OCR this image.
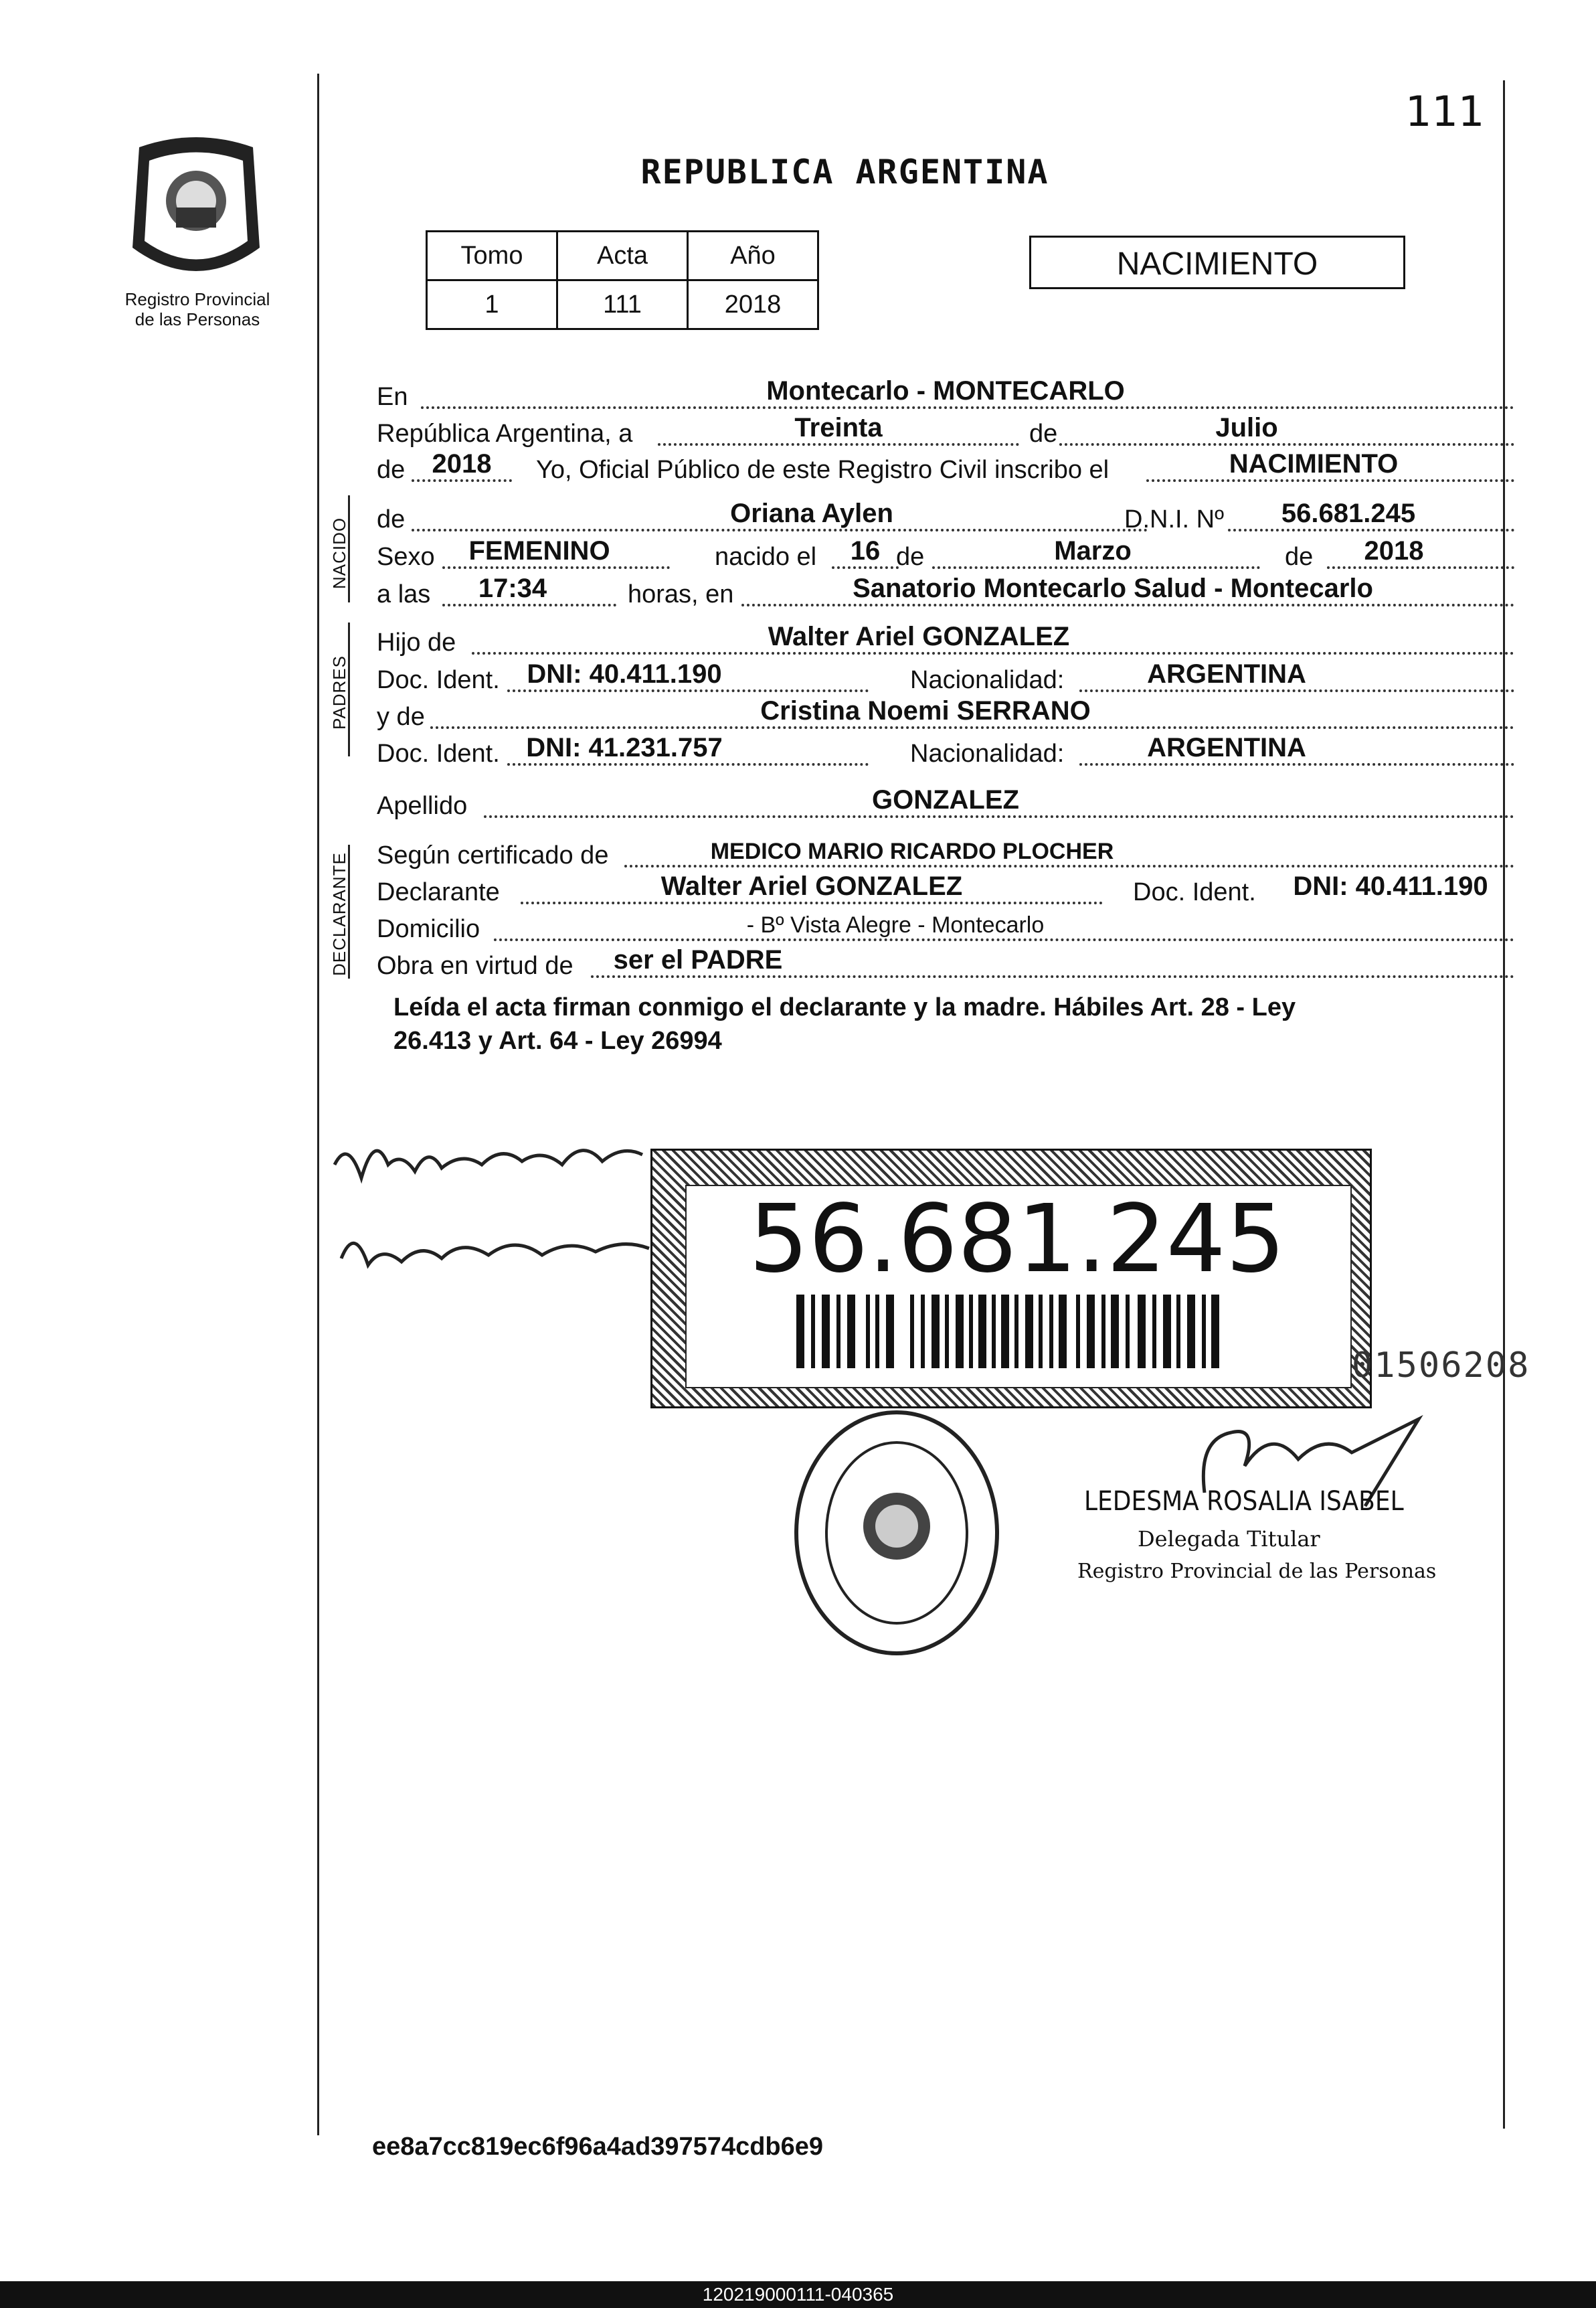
111
Registro Provincial
de las Personas
REPUBLICA ARGENTINA
Tomo	Acta	Año
1	111	2018
NACIMIENTO
En	Montecarlo - MONTECARLO
República Argentina, a	Treinta	de	Julio
de	2018	Yo, Oficial Público de este Registro Civil inscribo el	NACIMIENTO
NACIDO de	Oriana Aylen	D.N.I. Nº	56.681.245
Sexo	FEMENINO	nacido el	16 de	Marzo	de	2018
a las	17:34	horas, en	Sanatorio Montecarlo Salud - Montecarlo
PADRES
Hijo de	Walter Ariel GONZALEZ
Doc. Ident.	DNI: 40.411.190	Nacionalidad:	ARGENTINA
y de	Cristina Noemi SERRANO
Doc. Ident. DNI: 41.231.757	Nacionalidad:	ARGENTINA
Apellido	GONZALEZ
DECLARANTE Según certificado de	MEDICO MARIO RICARDO PLOCHER
Declarante	Walter Ariel GONZALEZ	Doc. Ident.	DNI: 40.411.190
Domicilio	- Bº Vista Alegre - Montecarlo
Obra en virtud de	ser el PADRE
Leída el acta firman conmigo el declarante y la madre. Hábiles Art. 28 - Ley
26.413 y Art. 64 - Ley 26994
56.681.245
01506208
LEDESMA ROSALIA ISABEL
Delegada Titular
Registro Provincial de las Personas
ee8a7cc819ec6f96a4ad397574cdb6e9
120219000111-040365
